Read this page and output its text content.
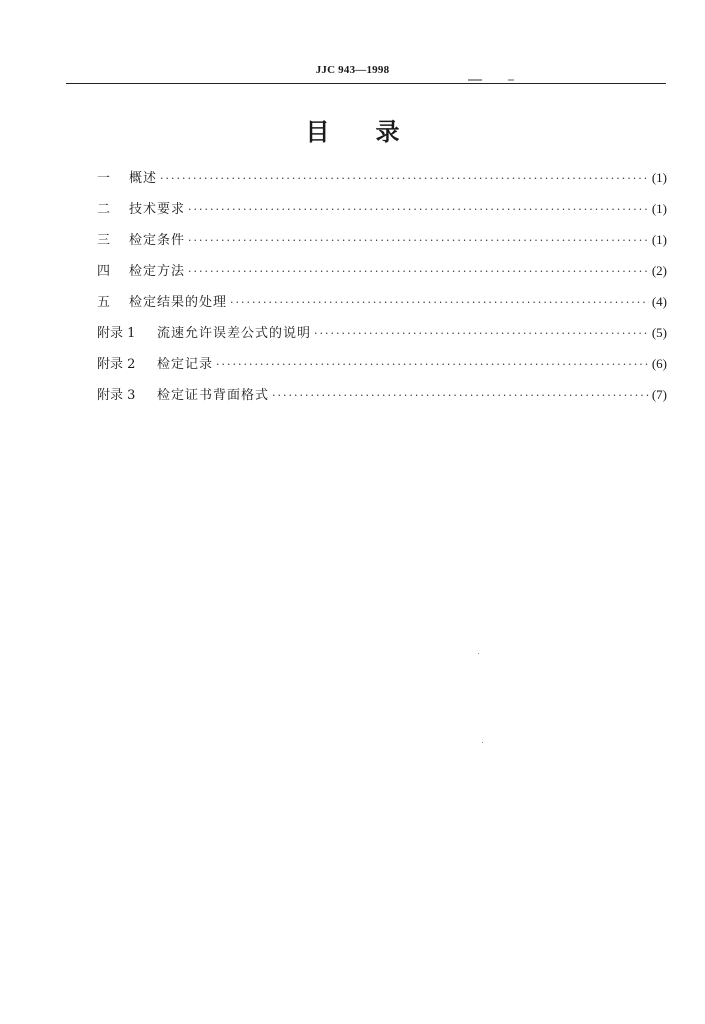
JJC 943—1998
目录
一	概述 ·····	(1)
二	技术要求 ·····	(1)
三	检定条件 ·····	(1)
四	检定方法 ·····	(2)
五	检定结果的处理 ·····	(4)
附录 1	流速允许误差公式的说明 ·····	(5)
附录 2	检定记录 ·····	(6)
附录 3	检定证书背面格式 ·····	(7)
